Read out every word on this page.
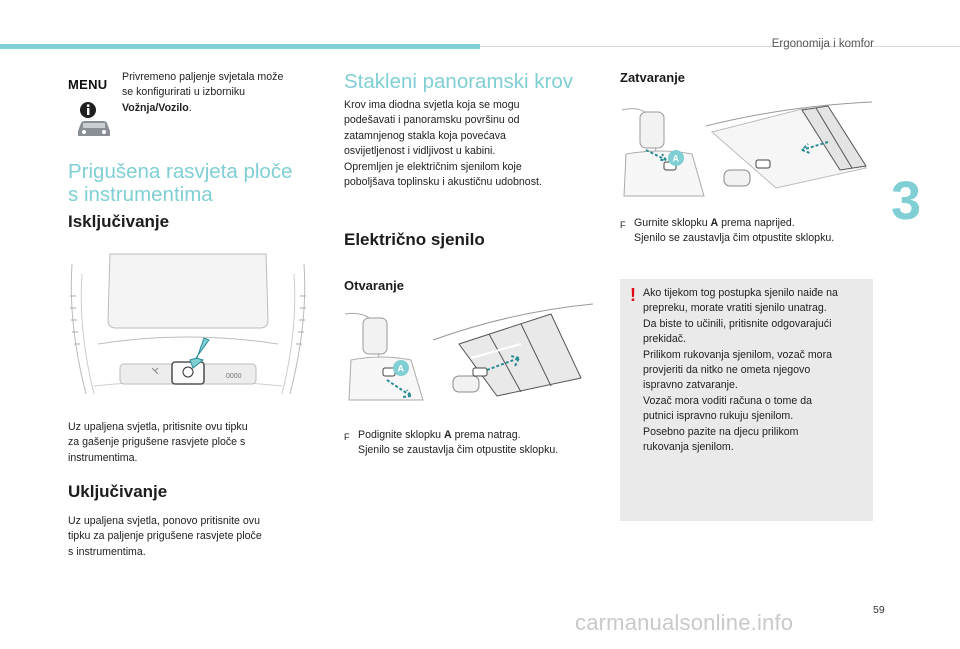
Ergonomija i komfor
3
MENU Privremeno paljenje svjetala može
se konfigurirati u izborniku
Vožnja/Vozilo.
Prigušena rasvjeta ploče
s instrumentima
Isključivanje
0000
Uz upaljena svjetla, pritisnite ovu tipku
za gašenje prigušene rasvjete ploče s
instrumentima.
Uključivanje
Uz upaljena svjetla, ponovo pritisnite ovu
tipku za paljenje prigušene rasvjete ploče
s instrumentima.
Stakleni panoramski krov
Krov ima diodna svjetla koja se mogu
podešavati i panoramsku površinu od
zatamnjenog stakla koja povećava
osvijetljenost i vidljivost u kabini.
Opremljen je električnim sjenilom koje
poboljšava toplinsku i akustičnu udobnost.
Električno sjenilo
Otvaranje
A
F Podignite sklopku A prema natrag.
Sjenilo se zaustavlja čim otpustite sklopku.
Zatvaranje
A
F Gurnite sklopku A prema naprijed.
Sjenilo se zaustavlja čim otpustite sklopku.
! Ako tijekom tog postupka sjenilo naiđe na
prepreku, morate vratiti sjenilo unatrag.
Da biste to učinili, pritisnite odgovarajući
prekidač.
Prilikom rukovanja sjenilom, vozač mora
provjeriti da nitko ne ometa njegovo
ispravno zatvaranje.
Vozač mora voditi računa o tome da
putnici ispravno rukuju sjenilom.
Posebno pazite na djecu prilikom
rukovanja sjenilom.
59
carmanualsonline.info
